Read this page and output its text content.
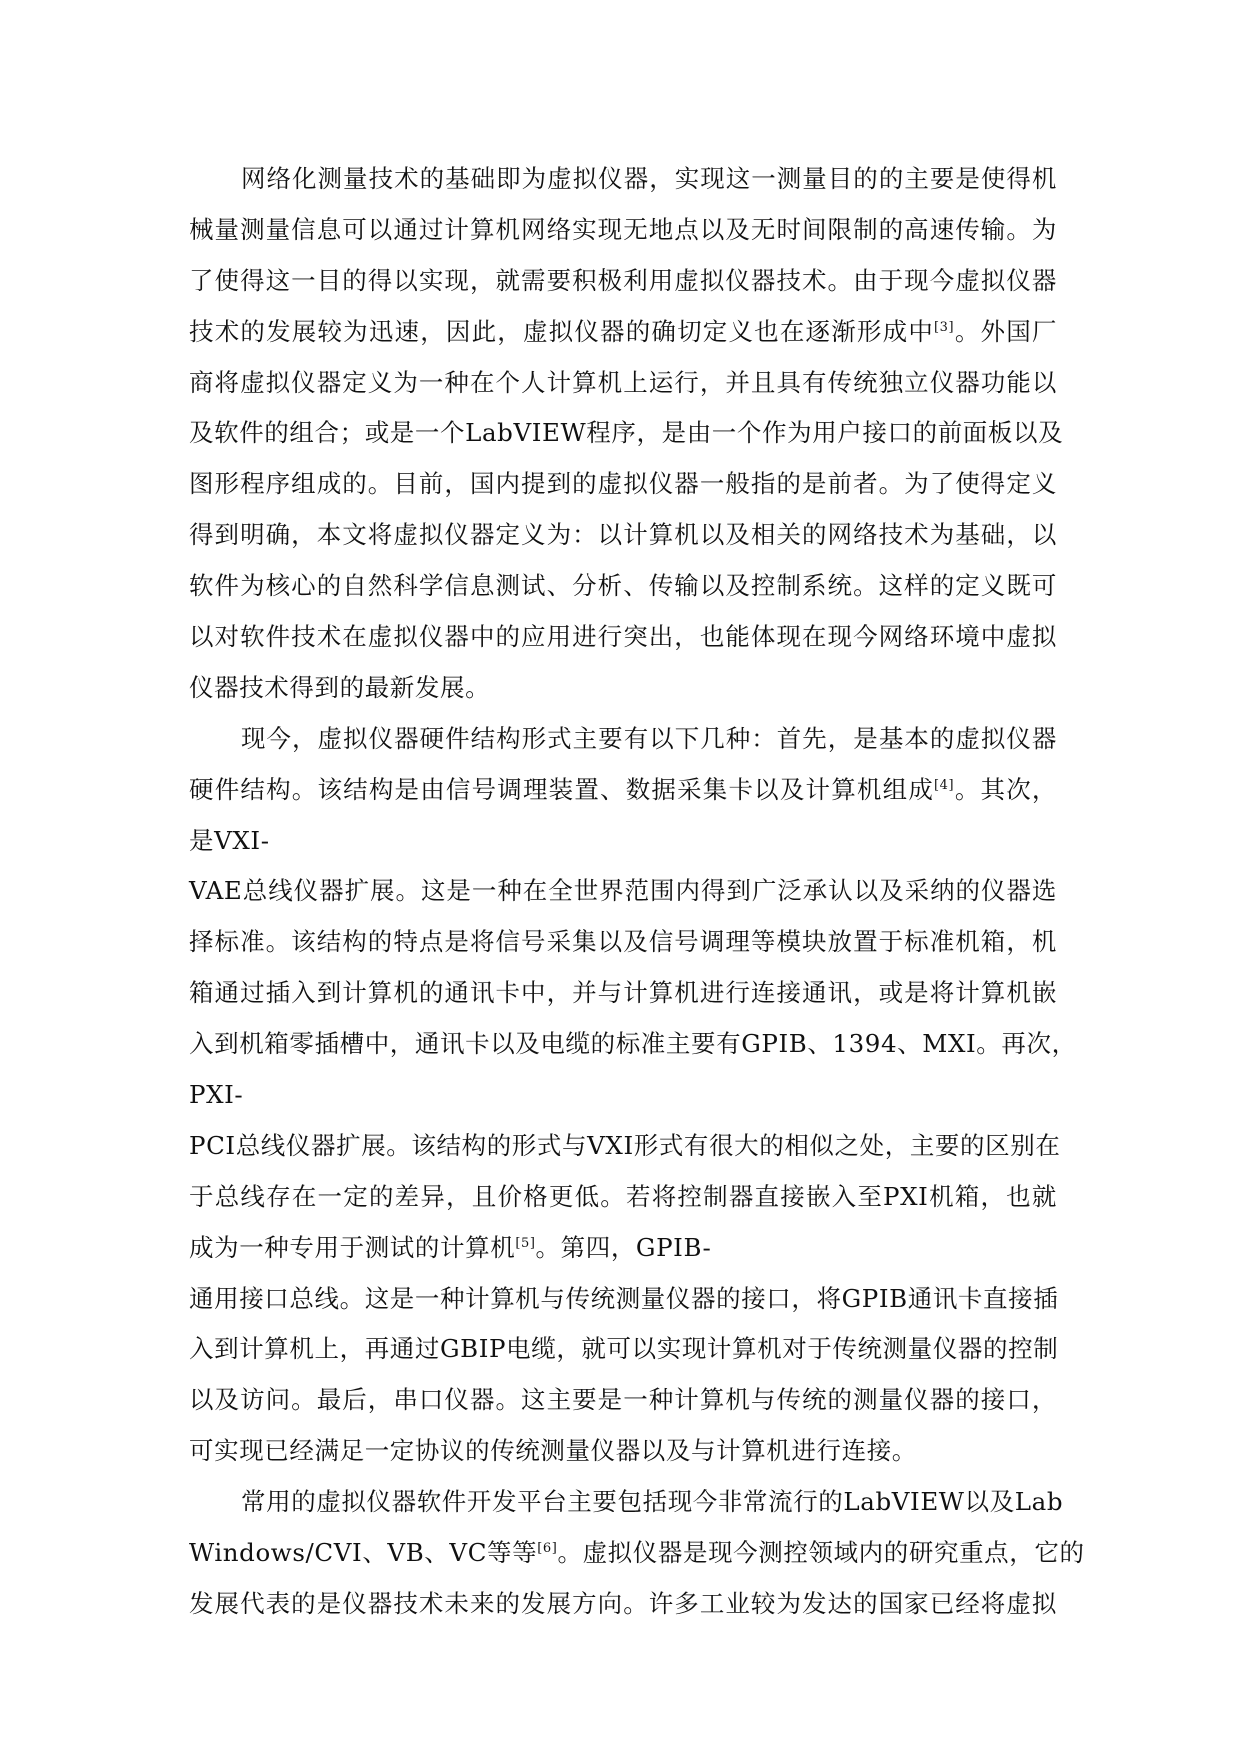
网络化测量技术的基础即为虚拟仪器，实现这一测量目的的主要是使得机
械量测量信息可以通过计算机网络实现无地点以及无时间限制的高速传输。为
了使得这一目的得以实现，就需要积极利用虚拟仪器技术。由于现今虚拟仪器
技术的发展较为迅速，因此，虚拟仪器的确切定义也在逐渐形成中[3]。外国厂
商将虚拟仪器定义为一种在个人计算机上运行，并且具有传统独立仪器功能以
及软件的组合；或是一个LabVIEW程序，是由一个作为用户接口的前面板以及
图形程序组成的。目前，国内提到的虚拟仪器一般指的是前者。为了使得定义
得到明确，本文将虚拟仪器定义为：以计算机以及相关的网络技术为基础，以
软件为核心的自然科学信息测试、分析、传输以及控制系统。这样的定义既可
以对软件技术在虚拟仪器中的应用进行突出，也能体现在现今网络环境中虚拟
仪器技术得到的最新发展。
现今，虚拟仪器硬件结构形式主要有以下几种：首先，是基本的虚拟仪器
硬件结构。该结构是由信号调理装置、数据采集卡以及计算机组成[4]。其次，
是VXI-
VAE总线仪器扩展。这是一种在全世界范围内得到广泛承认以及采纳的仪器选
择标准。该结构的特点是将信号采集以及信号调理等模块放置于标准机箱，机
箱通过插入到计算机的通讯卡中，并与计算机进行连接通讯，或是将计算机嵌
入到机箱零插槽中，通讯卡以及电缆的标准主要有GPIB、1394、MXI。再次，
PXI-
PCI总线仪器扩展。该结构的形式与VXI形式有很大的相似之处，主要的区别在
于总线存在一定的差异，且价格更低。若将控制器直接嵌入至PXI机箱，也就
成为一种专用于测试的计算机[5]。第四，GPIB-
通用接口总线。这是一种计算机与传统测量仪器的接口，将GPIB通讯卡直接插
入到计算机上，再通过GBIP电缆，就可以实现计算机对于传统测量仪器的控制
以及访问。最后，串口仪器。这主要是一种计算机与传统的测量仪器的接口，
可实现已经满足一定协议的传统测量仪器以及与计算机进行连接。
常用的虚拟仪器软件开发平台主要包括现今非常流行的LabVIEW以及Lab
Windows/CVI、VB、VC等等[6]。虚拟仪器是现今测控领域内的研究重点，它的
发展代表的是仪器技术未来的发展方向。许多工业较为发达的国家已经将虚拟
